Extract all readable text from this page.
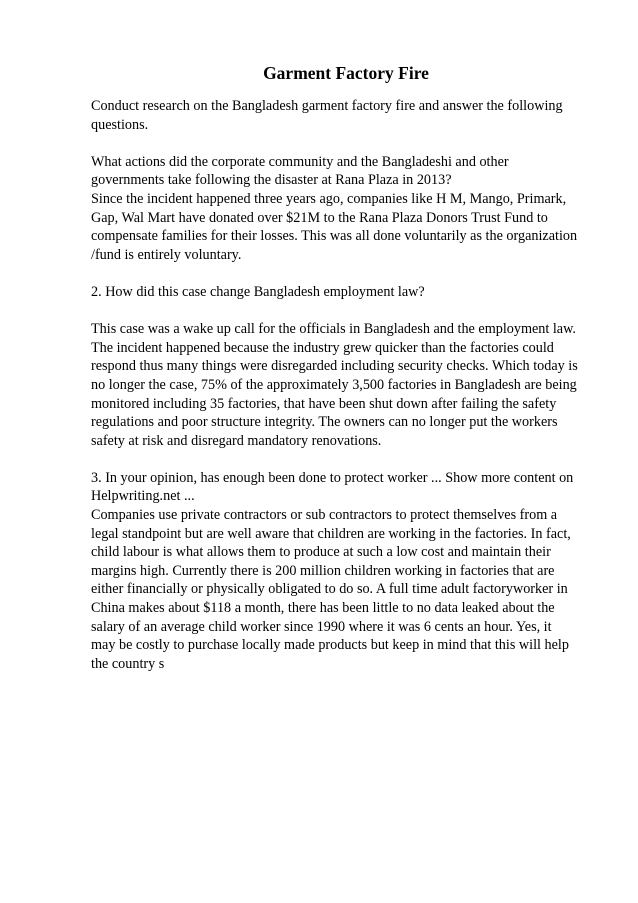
Garment Factory Fire
Conduct research on the Bangladesh garment factory fire and answer the following
questions.
What actions did the corporate community and the Bangladeshi and other
governments take following the disaster at Rana Plaza in 2013?
Since the incident happened three years ago, companies like H M, Mango, Primark,
Gap, Wal Mart have donated over $21M to the Rana Plaza Donors Trust Fund to
compensate families for their losses. This was all done voluntarily as the organization
/fund is entirely voluntary.
2. How did this case change Bangladesh employment law?
This case was a wake up call for the officials in Bangladesh and the employment law.
The incident happened because the industry grew quicker than the factories could
respond thus many things were disregarded including security checks. Which today is
no longer the case, 75% of the approximately 3,500 factories in Bangladesh are being
monitored including 35 factories, that have been shut down after failing the safety
regulations and poor structure integrity. The owners can no longer put the workers
safety at risk and disregard mandatory renovations.
3. In your opinion, has enough been done to protect worker ... Show more content on
Helpwriting.net ...
Companies use private contractors or sub contractors to protect themselves from a
legal standpoint but are well aware that children are working in the factories. In fact,
child labour is what allows them to produce at such a low cost and maintain their
margins high. Currently there is 200 million children working in factories that are
either financially or physically obligated to do so. A full time adult factoryworker in
China makes about $118 a month, there has been little to no data leaked about the
salary of an average child worker since 1990 where it was 6 cents an hour. Yes, it
may be costly to purchase locally made products but keep in mind that this will help
the country s
